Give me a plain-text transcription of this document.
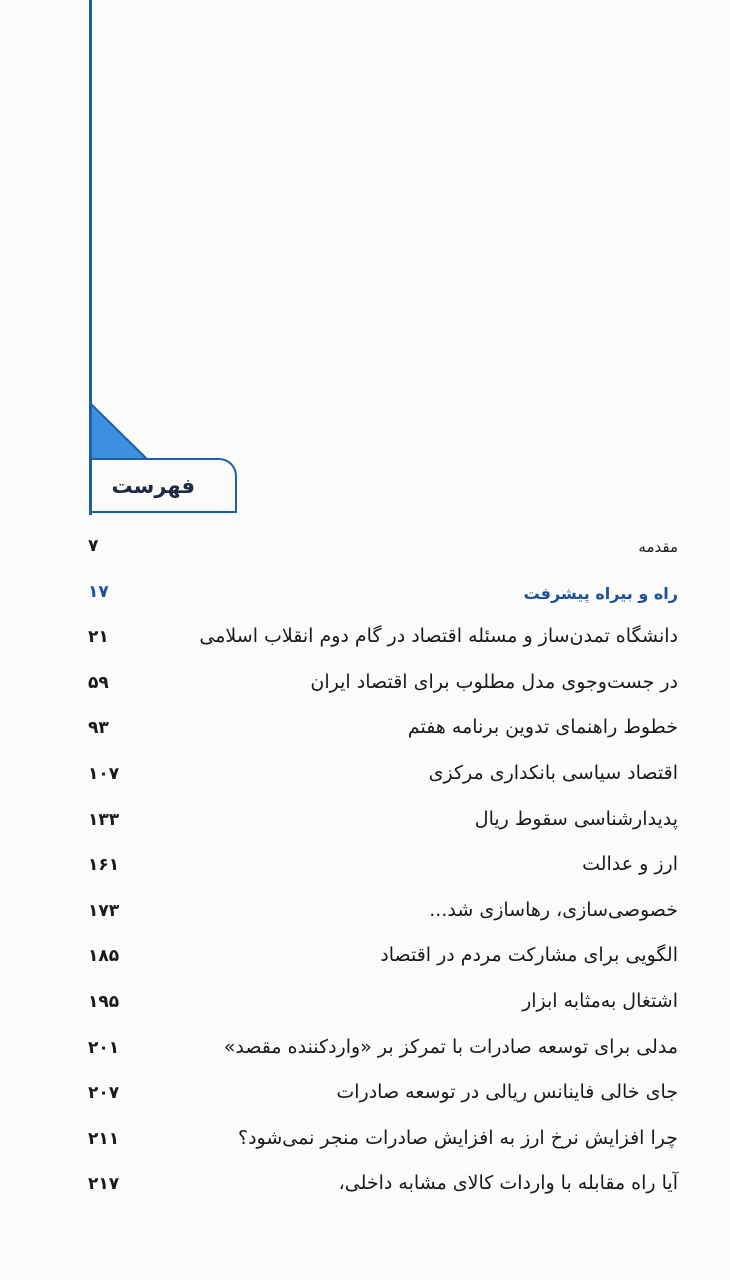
فهرست
مقدمه
۷
راه و بیراه پیشرفت
۱۷
دانشگاه تمدن‌ساز و مسئله اقتصاد در گام دوم انقلاب اسلامی
۲۱
در جست‌وجوی مدل مطلوب برای اقتصاد ایران
۵۹
خطوط راهنمای تدوین برنامه هفتم
۹۳
اقتصاد سیاسی بانکداری مرکزی
۱۰۷
پدیدارشناسی سقوط ریال
۱۳۳
ارز و عدالت
۱۶۱
خصوصی‌سازی، رهاسازی شد...
۱۷۳
الگویی برای مشارکت مردم در اقتصاد
۱۸۵
اشتغال به‌مثابه ابزار
۱۹۵
مدلی برای توسعه صادرات با تمرکز بر «واردکننده مقصد»
۲۰۱
جای خالی فاینانس ریالی در توسعه صادرات
۲۰۷
چرا افزایش نرخ ارز به افزایش صادرات منجر نمی‌شود؟
۲۱۱
آیا راه مقابله با واردات کالای مشابه داخلی،
۲۱۷
